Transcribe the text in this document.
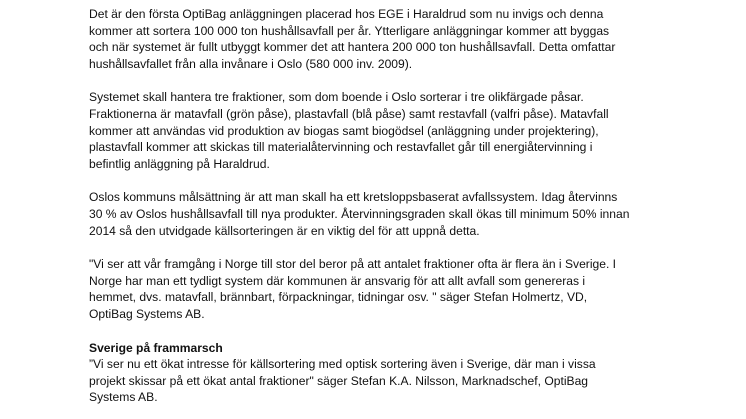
Det är den första OptiBag anläggningen placerad hos EGE i Haraldrud som nu invigs och denna
kommer att sortera 100 000 ton hushållsavfall per år. Ytterligare anläggningar kommer att byggas
och när systemet är fullt utbyggt kommer det att hantera 200 000 ton hushållsavfall. Detta omfattar
hushållsavfallet från alla invånare i Oslo (580 000 inv. 2009).
Systemet skall hantera tre fraktioner, som dom boende i Oslo sorterar i tre olikfärgade påsar.
Fraktionerna är matavfall (grön påse), plastavfall (blå påse) samt restavfall (valfri påse). Matavfall
kommer att användas vid produktion av biogas samt biogödsel (anläggning under projektering),
plastavfall kommer att skickas till materialåtervinning och restavfallet går till energiåtervinning i
befintlig anläggning på Haraldrud.
Oslos kommuns målsättning är att man skall ha ett kretsloppsbaserat avfallssystem. Idag återvinns
30 % av Oslos hushållsavfall till nya produkter. Återvinningsgraden skall ökas till minimum 50% innan
2014 så den utvidgade källsorteringen är en viktig del för att uppnå detta.
"Vi ser att vår framgång i Norge till stor del beror på att antalet fraktioner ofta är flera än i Sverige. I
Norge har man ett tydligt system där kommunen är ansvarig för att allt avfall som genereras i
hemmet, dvs. matavfall, brännbart, förpackningar, tidningar osv. " säger Stefan Holmertz, VD,
OptiBag Systems AB.
Sverige på frammarsch
”Vi ser nu ett ökat intresse för källsortering med optisk sortering även i Sverige, där man i vissa
projekt skissar på ett ökat antal fraktioner" säger Stefan K.A. Nilsson, Marknadschef, OptiBag
Systems AB.
